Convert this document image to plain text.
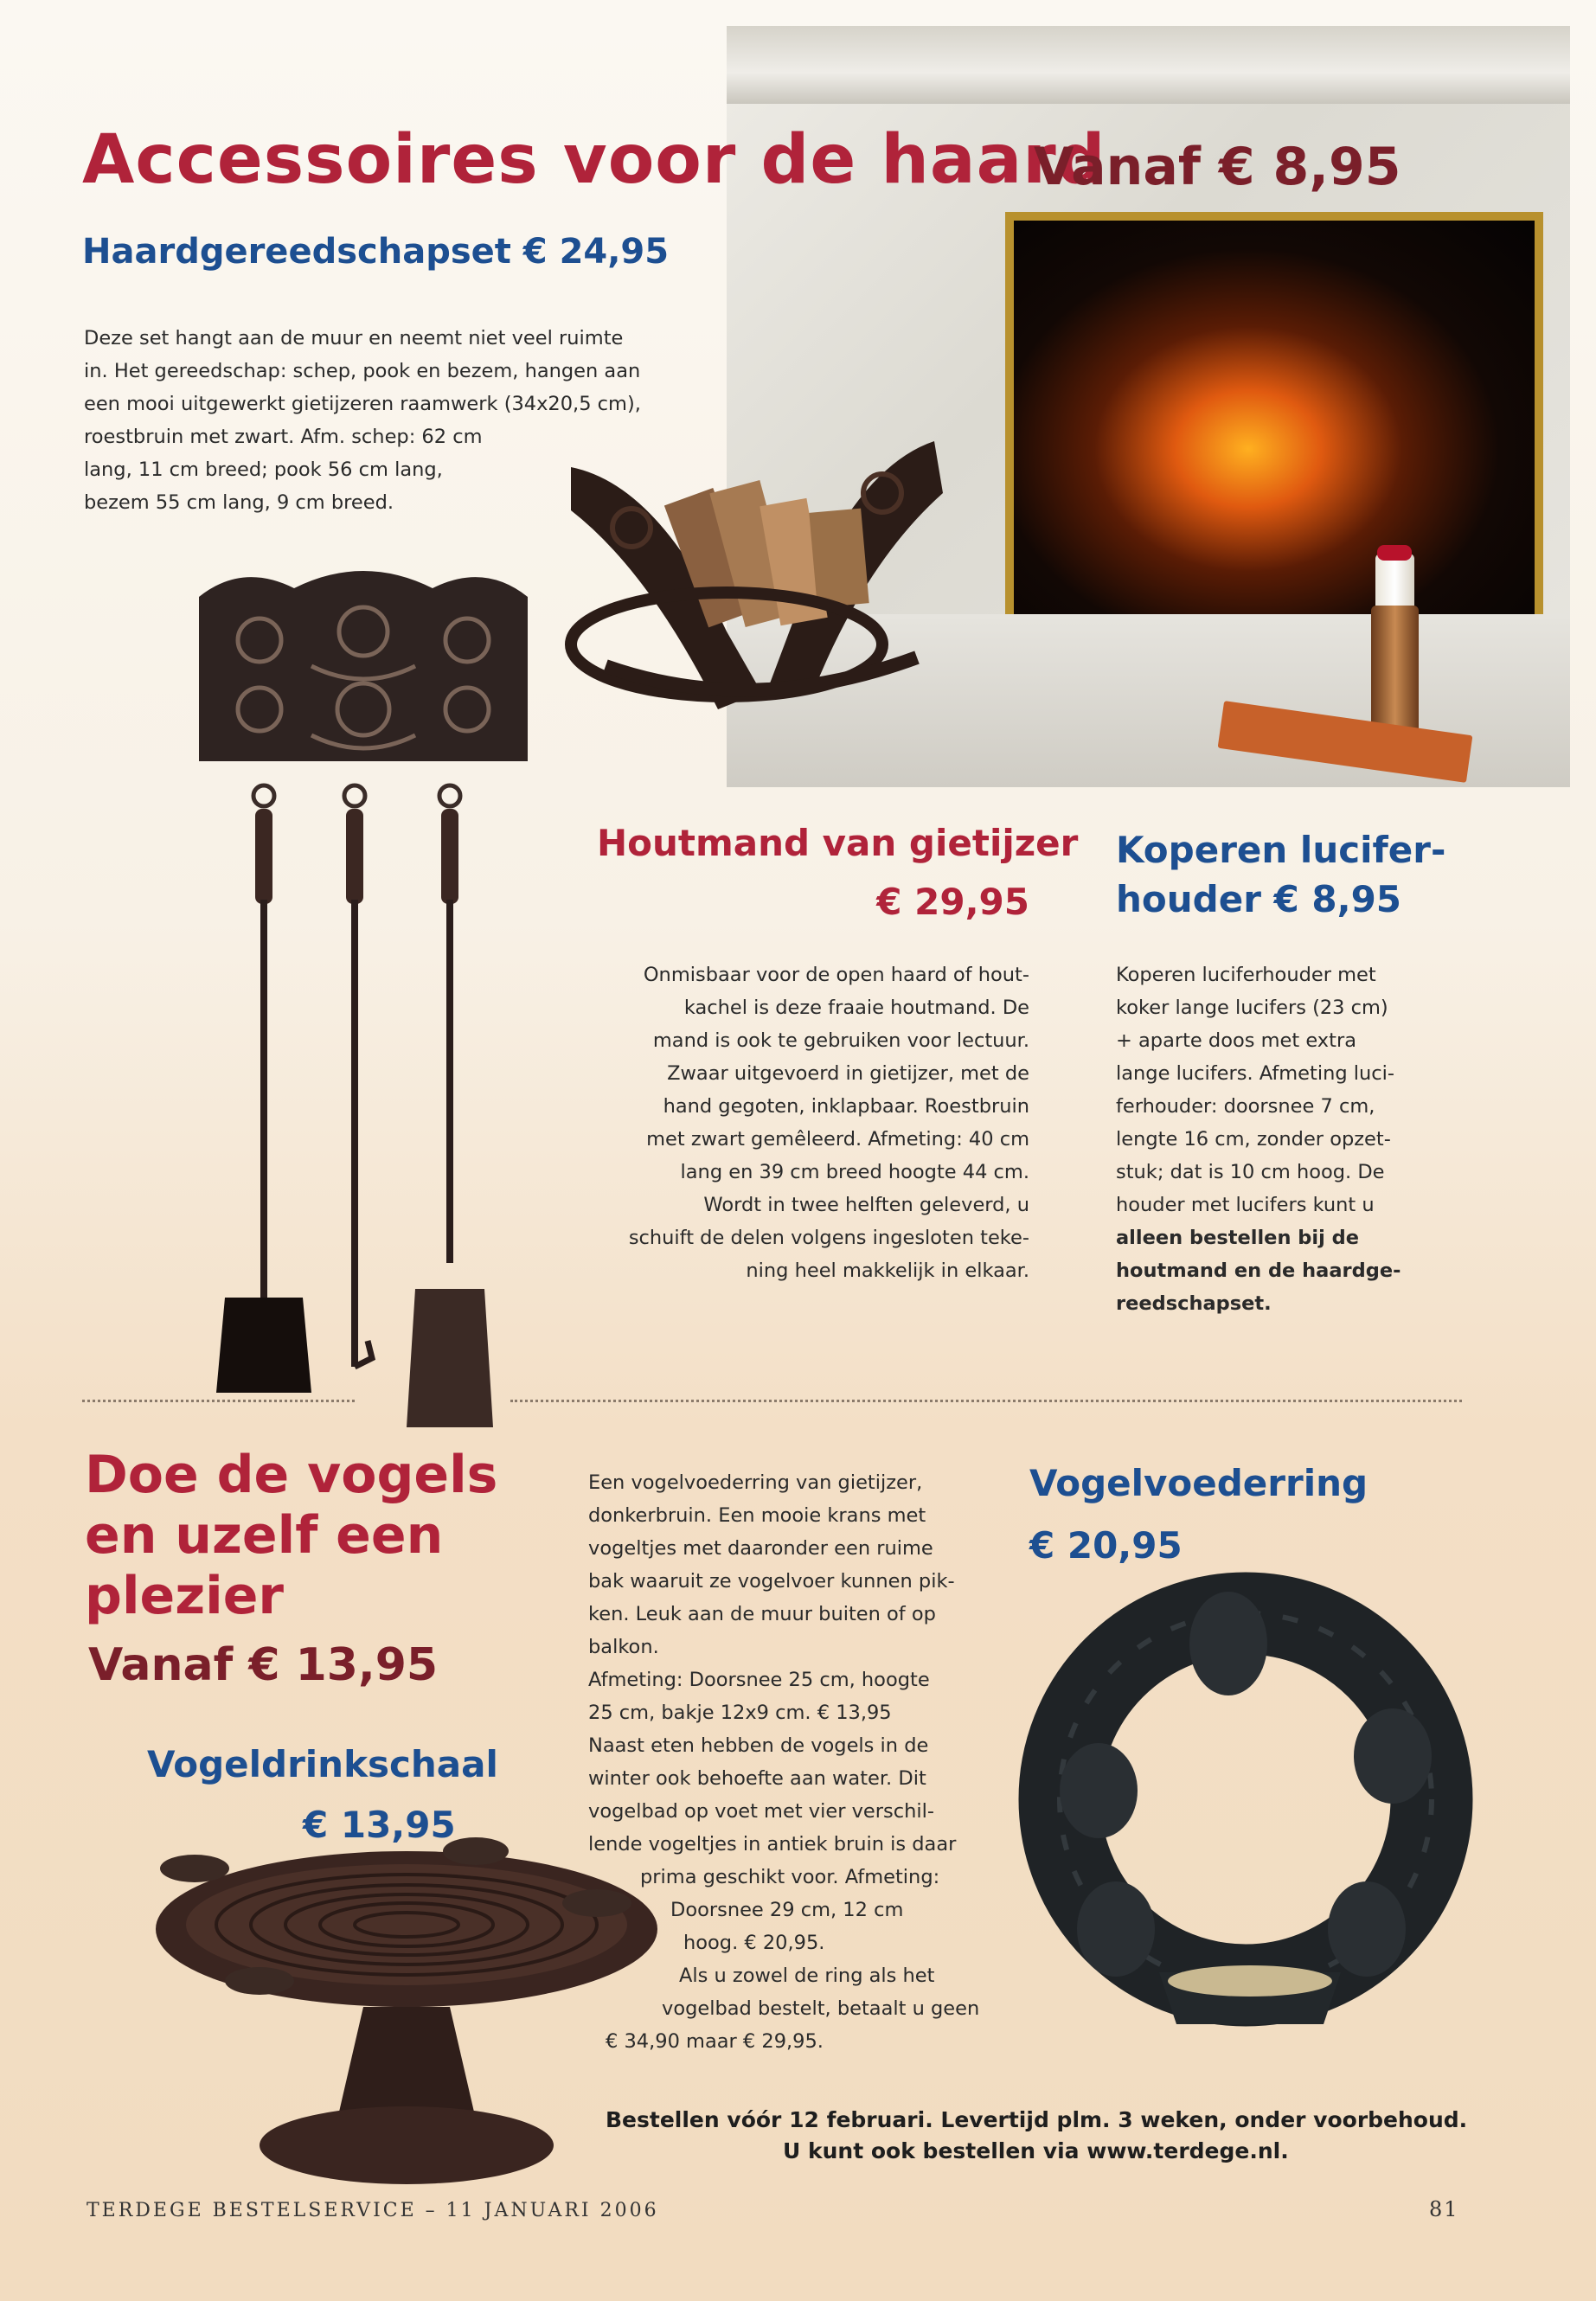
Accessoires voor de haard
Vanaf € 8,95
Haardgereedschapset € 24,95

Deze set hangt aan de muur en neemt niet veel ruimte

in. Het gereedschap: schep, pook en bezem, hangen aan

een mooi uitgewerkt gietijzeren raamwerk (34x20,5 cm),

roestbruin met zwart. Afm. schep: 62 cm

lang, 11 cm breed; pook 56 cm lang,

bezem 55 cm lang, 9 cm breed.

Houtmand van gietijzer
€ 29,95

Onmisbaar voor de open haard of hout-

kachel is deze fraaie houtmand. De

mand is ook te gebruiken voor lectuur.

Zwaar uitgevoerd in gietijzer, met de

hand gegoten, inklapbaar. Roestbruin

met zwart gemêleerd. Afmeting: 40 cm

lang en 39 cm breed hoogte 44 cm.

Wordt in twee helften geleverd, u

schuift de delen volgens ingesloten teke-

ning heel makkelijk in elkaar.

Koperen lucifer-
houder € 8,95

Koperen luciferhouder met

koker lange lucifers (23 cm)

+ aparte doos met extra

lange lucifers. Afmeting luci-

ferhouder: doorsnee 7 cm,

lengte 16 cm, zonder opzet-

stuk; dat is 10 cm hoog. De

houder met lucifers kunt u

alleen bestellen bij de

houtmand en de haardge-

reedschapset.

Doe de vogels
en uzelf een
plezier
Vanaf € 13,95
Vogeldrinkschaal
€ 13,95
Vogelvoederring
€ 20,95

Een vogelvoederring van gietijzer,

donkerbruin. Een mooie krans met

vogeltjes met daaronder een ruime

bak waaruit ze vogelvoer kunnen pik-

ken. Leuk aan de muur buiten of op

balkon.

Afmeting: Doorsnee 25 cm, hoogte

25 cm, bakje 12x9 cm. € 13,95

Naast eten hebben de vogels in de

winter ook behoefte aan water. Dit

vogelbad op voet met vier verschil-

lende vogeltjes in antiek bruin is daar

prima geschikt voor. Afmeting:

Doorsnee 29 cm, 12 cm

hoog. € 20,95.

Als u zowel de ring als het

vogelbad bestelt, betaalt u geen

€ 34,90 maar € 29,95.

Bestellen vóór 12 februari. Levertijd plm. 3 weken, onder voorbehoud.
U kunt ook bestellen via www.terdege.nl.
TERDEGE BESTELSERVICE – 11 JANUARI 2006	81
